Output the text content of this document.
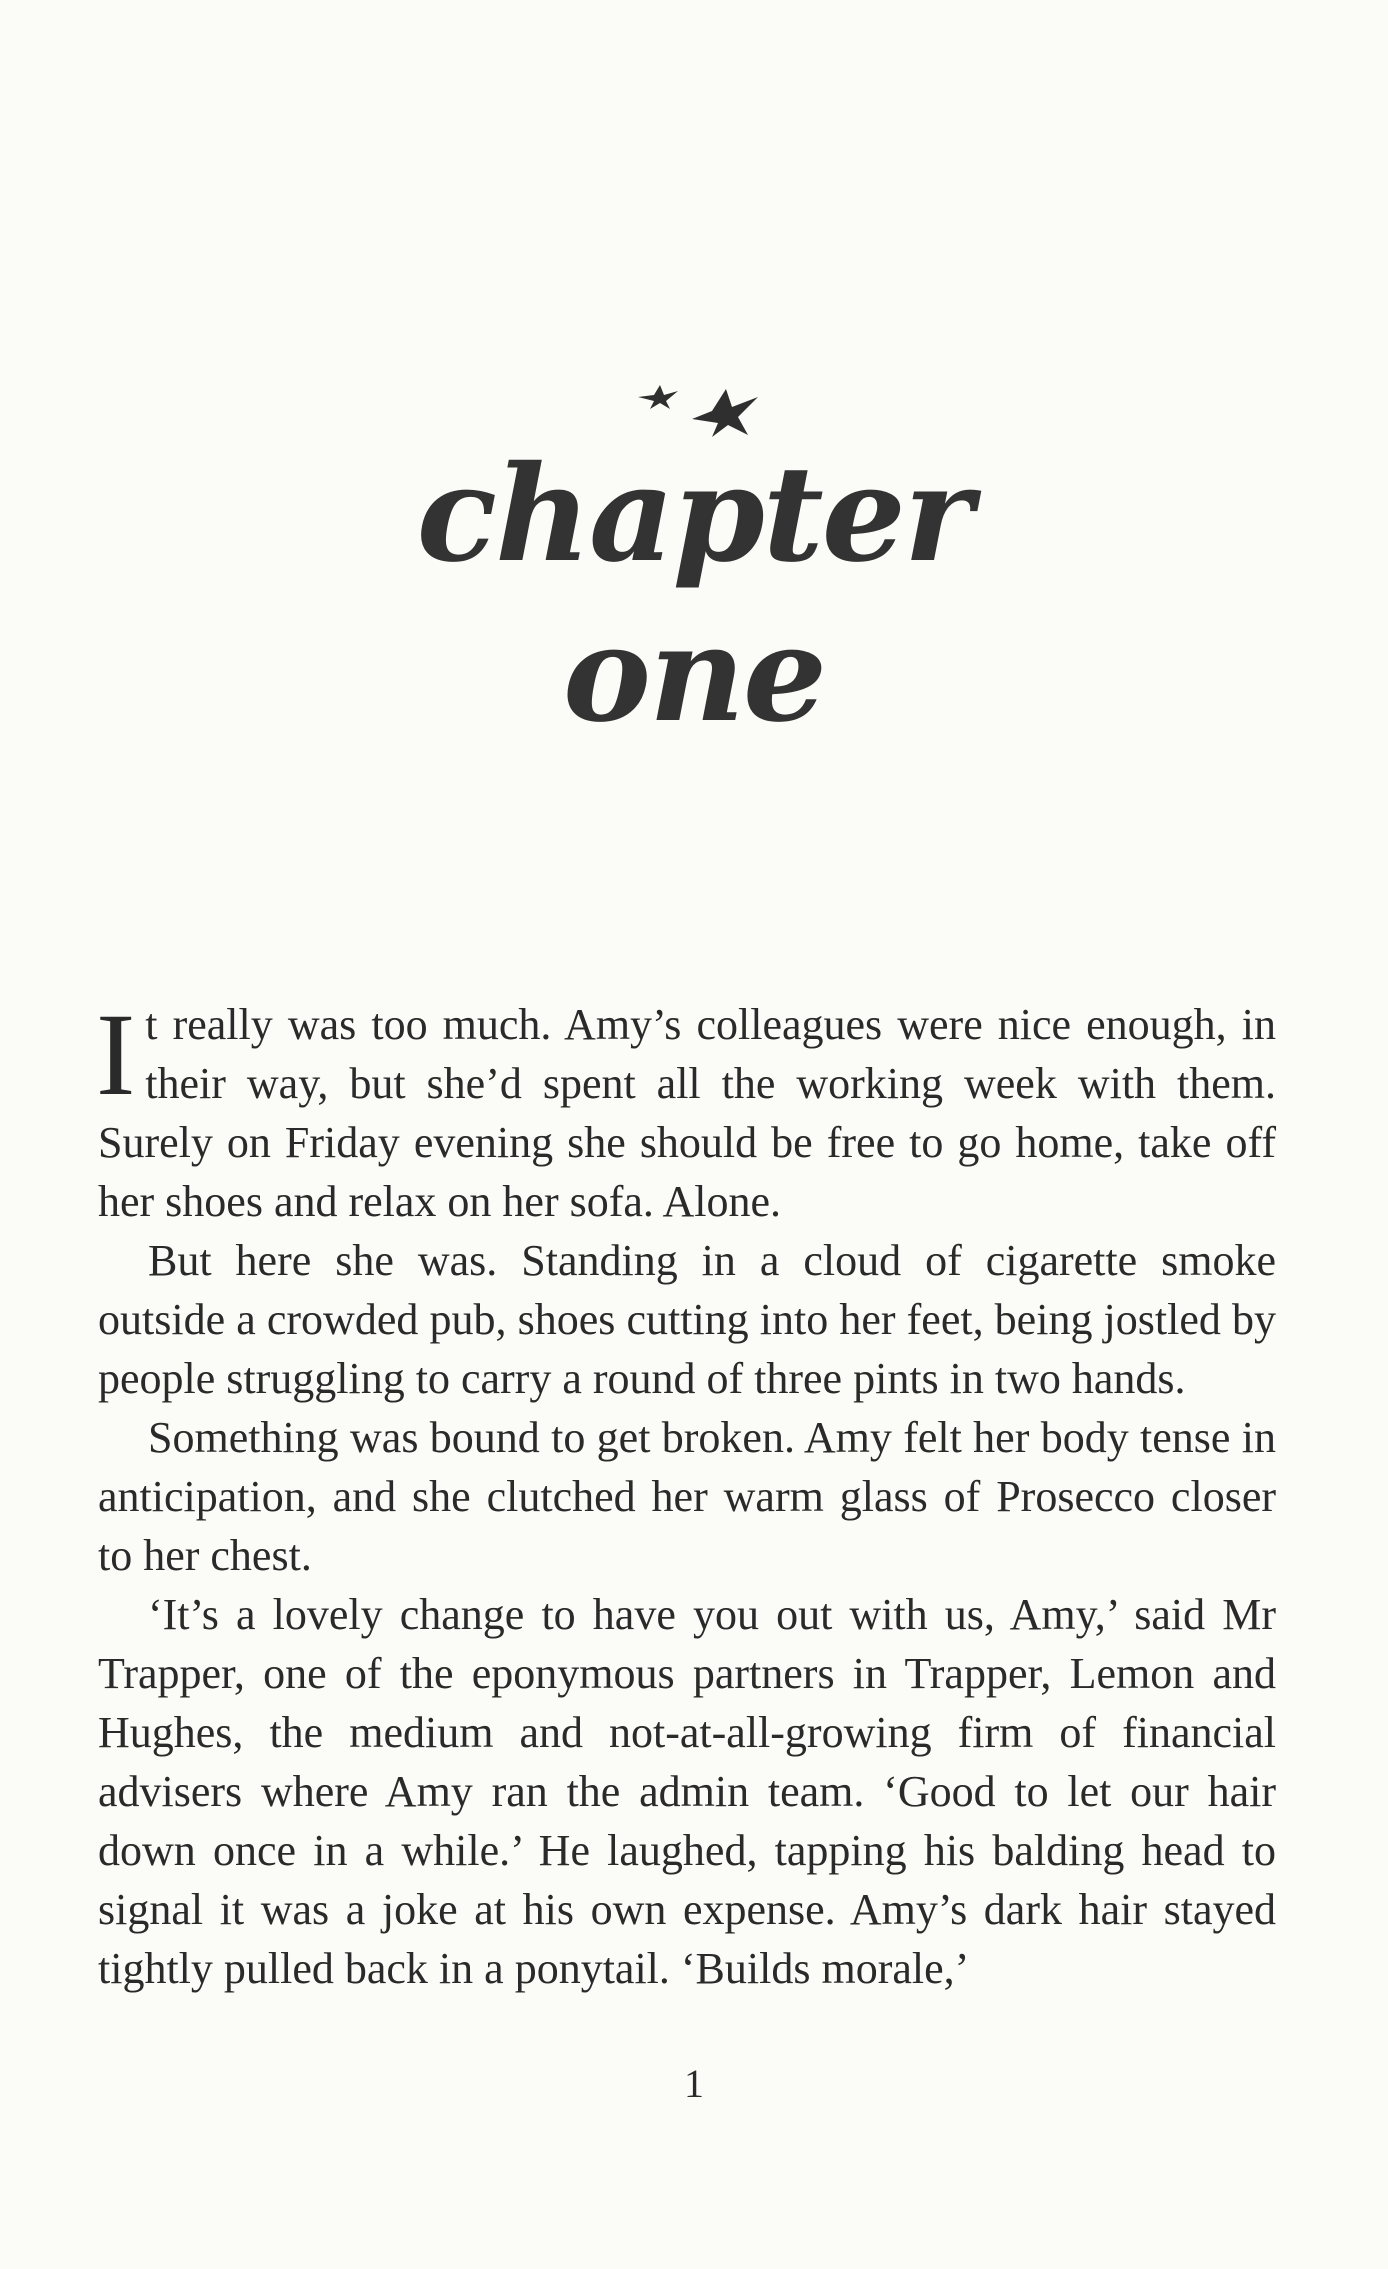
chapter
one

It really was too much. Amy’s colleagues were nice enough, in their way, but she’d spent all the working week with them. Surely on Friday evening she should be free to go home, take off her shoes and relax on her sofa. Alone.

But here she was. Standing in a cloud of cigarette smoke outside a crowded pub, shoes cutting into her feet, being jostled by people struggling to carry a round of three pints in two hands.

Something was bound to get broken. Amy felt her body tense in anticipation, and she clutched her warm glass of Prosecco closer to her chest.

‘It’s a lovely change to have you out with us, Amy,’ said Mr Trapper, one of the eponymous partners in Trapper, Lemon and Hughes, the medium and not-at-all-growing firm of financial advisers where Amy ran the admin team. ‘Good to let our hair down once in a while.’ He laughed, tapping his balding head to signal it was a joke at his own expense. Amy’s dark hair stayed tightly pulled back in a ponytail. ‘Builds morale,’

1
